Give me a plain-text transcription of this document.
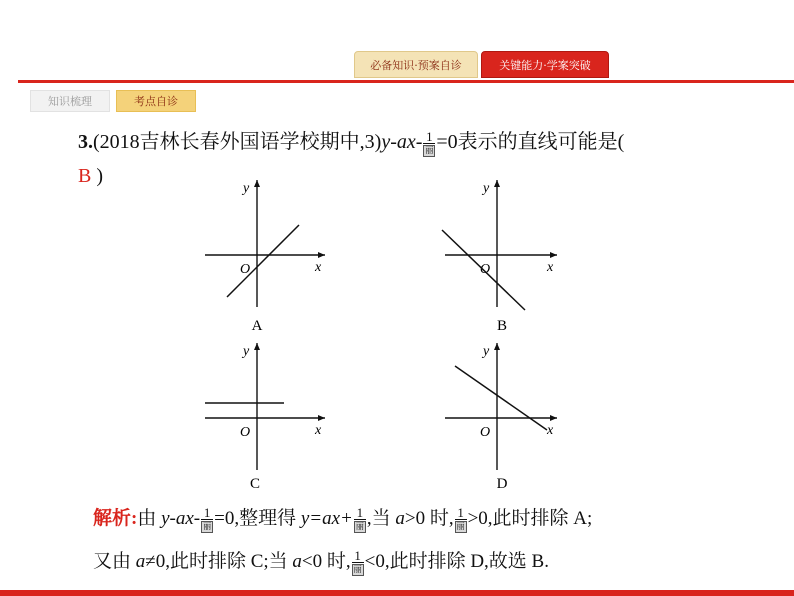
必备知识·预案自诊	关键能力·学案突破
知识梳理	考点自诊
3.(2018吉林长春外国语学校期中$,3)y-ax- \frac{1}{\text{丽}} =0$表示的直线可能是(
B )
x
y
O
A
x
y
O
B
x
y
O
C
x
y
O
D
解析:由 $y-ax- \frac{1}{\text{丽}} =0$,整理得 $y=ax+ \frac{1}{\text{丽}}$ ,当 a>0 时, $\frac{1}{\text{丽}} >0$,此时排除 A;
又由 a≠0,此时排除 C;当 a<0 时, $\frac{1}{\text{丽}} <0$,此时排除 D,故选 B.
